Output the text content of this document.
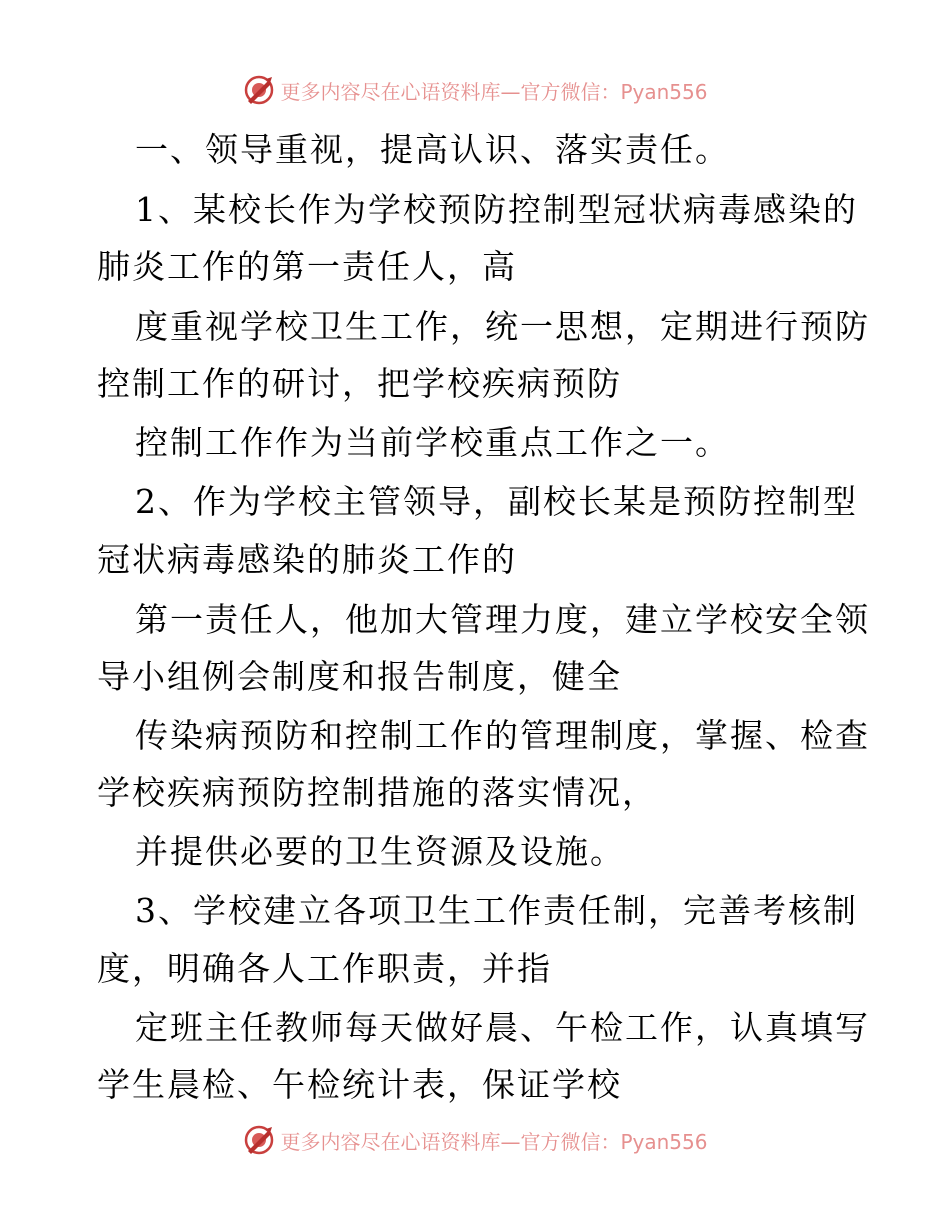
更多内容尽在心语资料库—官方微信：Pyan556
一、领导重视，提高认识、落实责任。
1、某校长作为学校预防控制型冠状病毒感染的
肺炎工作的第一责任人，高
度重视学校卫生工作，统一思想，定期进行预防
控制工作的研讨，把学校疾病预防
控制工作作为当前学校重点工作之一。
2、作为学校主管领导，副校长某是预防控制型
冠状病毒感染的肺炎工作的
第一责任人，他加大管理力度，建立学校安全领
导小组例会制度和报告制度，健全
传染病预防和控制工作的管理制度，掌握、检查
学校疾病预防控制措施的落实情况，
并提供必要的卫生资源及设施。
3、学校建立各项卫生工作责任制，完善考核制
度，明确各人工作职责，并指
定班主任教师每天做好晨、午检工作，认真填写
学生晨检、午检统计表，保证学校
更多内容尽在心语资料库—官方微信：Pyan556
